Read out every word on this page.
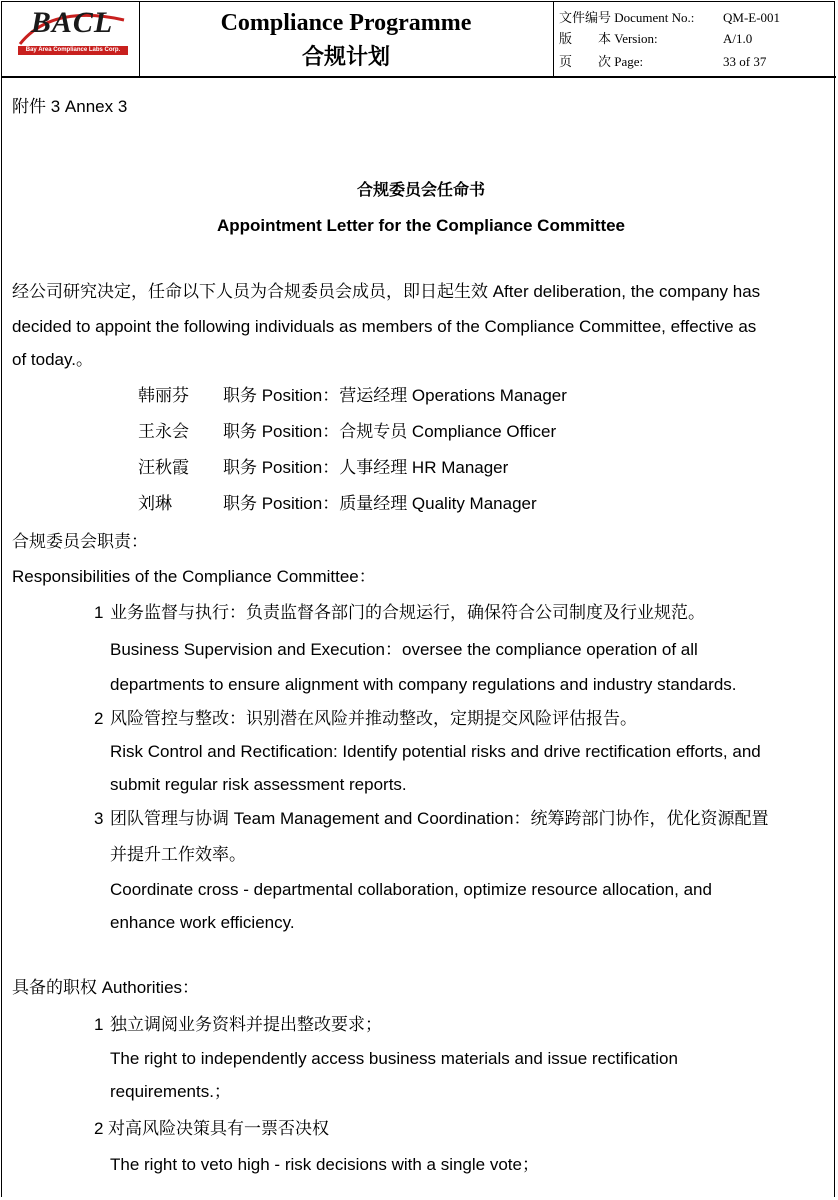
BACL
Bay Area Compliance Labs Corp.
Compliance Programme
合规计划
文件编号 Document No.: QM-E-001
版　　本 Version:	A/1.0
页　　次 Page:	33 of 37
附件 3 Annex 3
合规委员会任命书
Appointment Letter for the Compliance Committee
经公司研究决定，任命以下人员为合规委员会成员，即日起生效 After deliberation, the company has
decided to appoint the following individuals as members of the Compliance Committee, effective as
of today.。
韩丽芬 职务 Position：营运经理 Operations Manager
王永会 职务 Position：合规专员 Compliance Officer
汪秋霞 职务 Position：人事经理 HR Manager
刘琳	职务 Position：质量经理 Quality Manager
合规委员会职责：
Responsibilities of the Compliance Committee：
1 业务监督与执行：负责监督各部门的合规运行，确保符合公司制度及行业规范。
Business Supervision and Execution：oversee the compliance operation of all
departments to ensure alignment with company regulations and industry standards.
2 风险管控与整改：识别潜在风险并推动整改，定期提交风险评估报告。
Risk Control and Rectification: Identify potential risks and drive rectification efforts, and
submit regular risk assessment reports.
3 团队管理与协调 Team Management and Coordination：统筹跨部门协作，优化资源配置
并提升工作效率。
Coordinate cross - departmental collaboration, optimize resource allocation, and
enhance work efficiency.
具备的职权 Authorities：
1 独立调阅业务资料并提出整改要求；
The right to independently access business materials and issue rectification
requirements.；
2 对高风险决策具有一票否决权
The right to veto high - risk decisions with a single vote；
